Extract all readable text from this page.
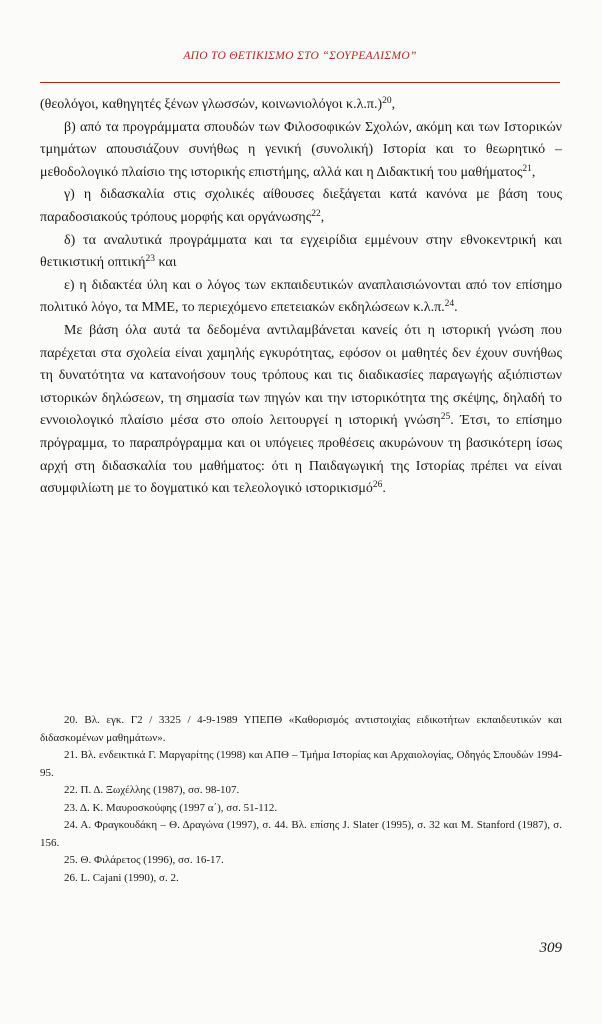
ΑΠΟ ΤΟ ΘΕΤΙΚΙΣΜΟ ΣΤΟ “ΣΟΥΡΕΑΛΙΣΜΟ”

(θεολόγοι, καθηγητές ξένων γλωσσών, κοινωνιολόγοι κ.λ.π.)$^{20}$,

β) από τα προγράμματα σπουδών των Φιλοσοφικών Σχολών, ακόμη και των Ιστορικών τμημάτων απουσιάζουν συνήθως η γενική (συνολική) Ιστορία και το θεωρητικό – μεθοδολογικό πλαίσιο της ιστορικής επιστήμης, αλλά και η Διδακτική του μαθήματος$^{21}$,

γ) η διδασκαλία στις σχολικές αίθουσες διεξάγεται κατά κανόνα με βάση τους παραδοσιακούς τρόπους μορφής και οργάνωσης$^{22}$,

δ) τα αναλυτικά προγράμματα και τα εγχειρίδια εμμένουν στην εθνοκεντρική και θετικιστική οπτική$^{23}$ και

ε) η διδακτέα ύλη και ο λόγος των εκπαιδευτικών αναπλαισιώνονται από τον επίσημο πολιτικό λόγο, τα ΜΜΕ, το περιεχόμενο επετειακών εκδηλώσεων κ.λ.π.$^{24}$.

Με βάση όλα αυτά τα δεδομένα αντιλαμβάνεται κανείς ότι η ιστορική γνώση που παρέχεται στα σχολεία είναι χαμηλής εγκυρότητας, εφόσον οι μαθητές δεν έχουν συνήθως τη δυνατότητα να κατανοήσουν τους τρόπους και τις διαδικασίες παραγωγής αξιόπιστων ιστορικών δηλώσεων, τη σημασία των πηγών και την ιστορικότητα της σκέψης, δηλαδή το εννοιολογικό πλαίσιο μέσα στο οποίο λειτουργεί η ιστορική γνώση$^{25}$. Έτσι, το επίσημο πρόγραμμα, το παραπρόγραμμα και οι υπόγειες προθέσεις ακυρώνουν τη βασικότερη ίσως αρχή στη διδασκαλία του μαθήματος: ότι η Παιδαγωγική της Ιστορίας πρέπει να είναι ασυμφιλίωτη με το δογματικό και τελεολογικό ιστορικισμό$^{26}$.

20. Βλ. εγκ. Γ2 / 3325 / 4-9-1989 ΥΠΕΠΘ «Καθορισμός αντιστοιχίας ειδικοτήτων εκπαιδευτικών και διδασκομένων μαθημάτων».

21. Βλ. ενδεικτικά Γ. Μαργαρίτης (1998) και ΑΠΘ – Τμήμα Ιστορίας και Αρχαιολογίας, Οδηγός Σπουδών 1994-95.

22. Π. Δ. Ξωχέλλης (1987), σσ. 98-107.

23. Δ. Κ. Μαυροσκούφης (1997 α΄), σσ. 51-112.

24. Α. Φραγκουδάκη – Θ. Δραγώνα (1997), σ. 44. Βλ. επίσης J. Slater (1995), σ. 32 και M. Stanford (1987), σ. 156.

25. Θ. Φιλάρετος (1996), σσ. 16-17.

26. L. Cajani (1990), σ. 2.

309
